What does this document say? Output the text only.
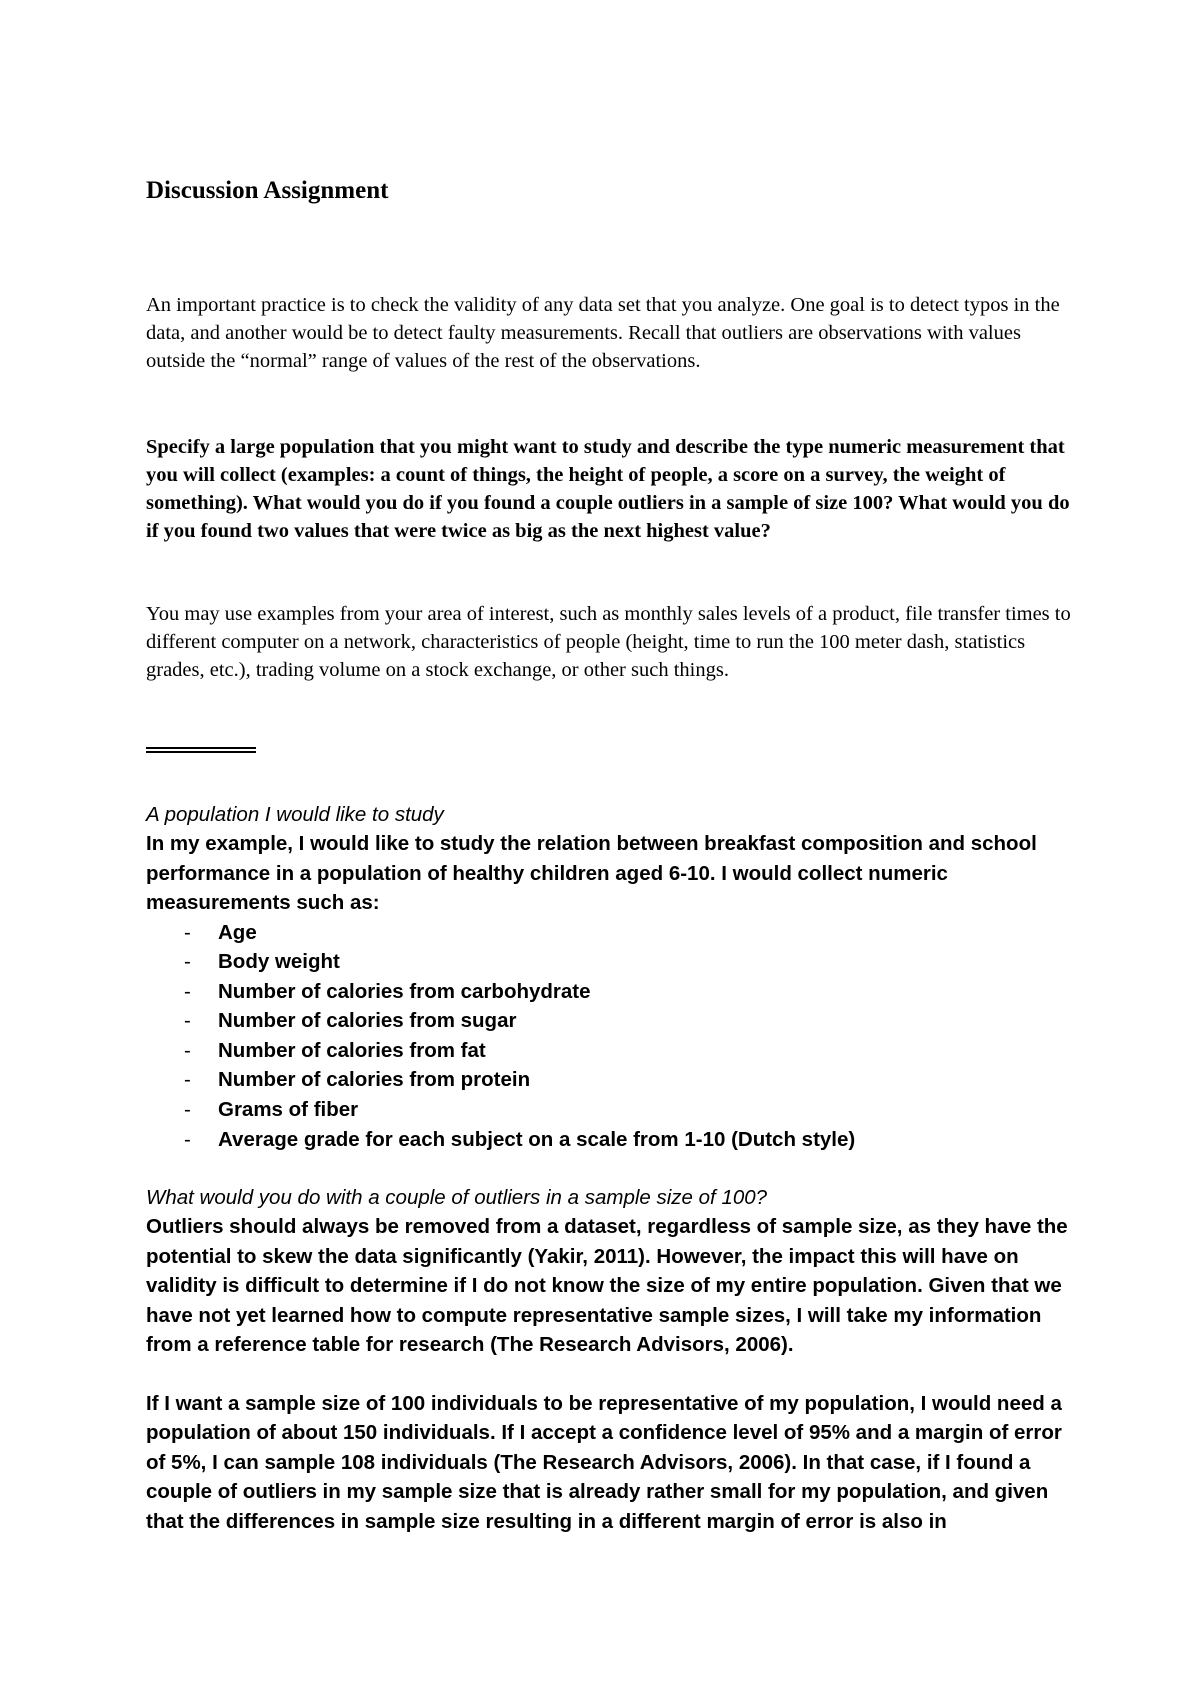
Discussion Assignment

An important practice is to check the validity of any data set that you analyze. One goal is to detect typos in the data, and another would be to detect faulty measurements. Recall that outliers are observations with values outside the “normal” range of values of the rest of the observations.

Specify a large population that you might want to study and describe the type numeric measurement that you will collect (examples: a count of things, the height of people, a score on a survey, the weight of something). What would you do if you found a couple outliers in a sample of size 100? What would you do if you found two values that were twice as big as the next highest value?

You may use examples from your area of interest, such as monthly sales levels of a product, file transfer times to different computer on a network, characteristics of people (height, time to run the 100 meter dash, statistics grades, etc.), trading volume on a stock exchange, or other such things.

A population I would like to study

In my example, I would like to study the relation between breakfast composition and school performance in a population of healthy children aged 6-10. I would collect numeric measurements such as:

- Age
- Body weight
- Number of calories from carbohydrate
- Number of calories from sugar
- Number of calories from fat
- Number of calories from protein
- Grams of fiber
- Average grade for each subject on a scale from 1-10 (Dutch style)

What would you do with a couple of outliers in a sample size of 100?

Outliers should always be removed from a dataset, regardless of sample size, as they have the potential to skew the data significantly (Yakir, 2011). However, the impact this will have on validity is difficult to determine if I do not know the size of my entire population. Given that we have not yet learned how to compute representative sample sizes, I will take my information from a reference table for research (The Research Advisors, 2006).

If I want a sample size of 100 individuals to be representative of my population, I would need a population of about 150 individuals. If I accept a confidence level of 95% and a margin of error of 5%, I can sample 108 individuals (The Research Advisors, 2006). In that case, if I found a couple of outliers in my sample size that is already rather small for my population, and given that the differences in sample size resulting in a different margin of error is also in
